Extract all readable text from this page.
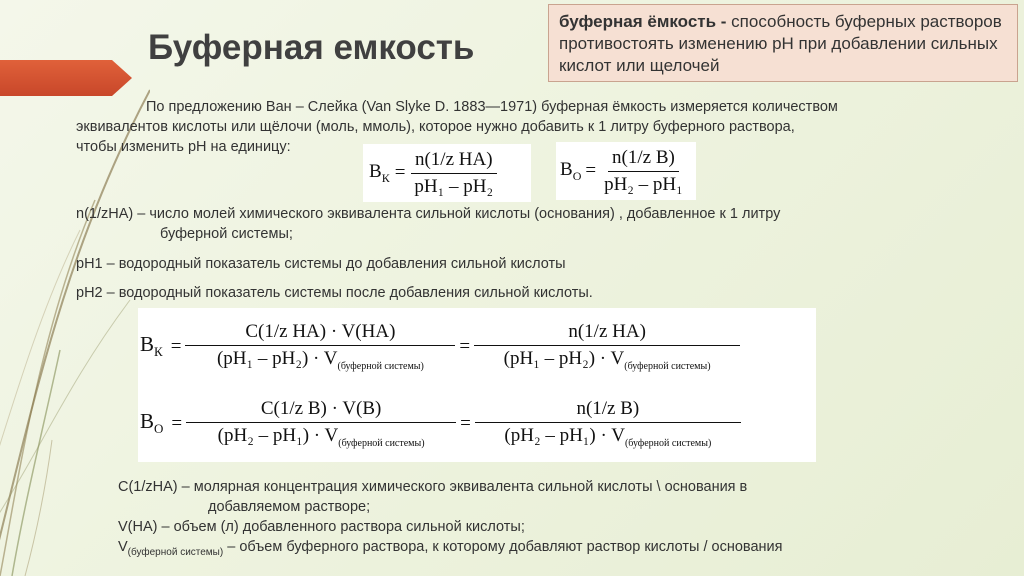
Буферная емкость
буферная ёмкость - способность буферных растворов противостоять изменению рН при добавлении сильных кислот или щелочей
По предложению Ван – Слейка (Van Slyke D. 1883—1971) буферная ёмкость измеряется количеством
эквивалентов кислоты или щёлочи (моль, ммоль), которое нужно добавить к 1 литру буферного раствора,
чтобы изменить рН на единицу:
$B_К = \frac{\text{n(1/z HA)}}{\text{pH₁ – pH₂}}$	$B_О = \frac{\text{n(1/z B)}}{\text{pH₂ – pH₁}}$
n(1/zHA) – число молей химического эквивалента сильной кислоты (основания) , добавленное к 1 литру
буферной системы;
pH1 – водородный показатель системы до добавления сильной кислоты
pH2 – водородный показатель системы после добавления сильной кислоты.
$B_К = \frac{\text{C(1/z HA) · V(HA)}}{(pH_1 - pH_2) \cdot V_{(буферной системы)}} = \frac{\text{n(1/z HA)}}{(pH_1 - pH_2) \cdot V_{(буферной системы)}}$
$B_О = \frac{\text{C(1/z B) · V(B)}}{(pH_2 - pH_1) \cdot V_{(буферной системы)}} = \frac{\text{n(1/z B)}}{(pH_2 - pH_1) \cdot V_{(буферной системы)}}$
C(1/zHA) – молярная концентрация химического эквивалента сильной кислоты \ основания в
добавляемом растворе;
V(HA) – объем (л) добавленного раствора сильной кислоты;
$V_{(буферной системы)}$ – объем буферного раствора, к которому добавляют раствор кислоты / основания
